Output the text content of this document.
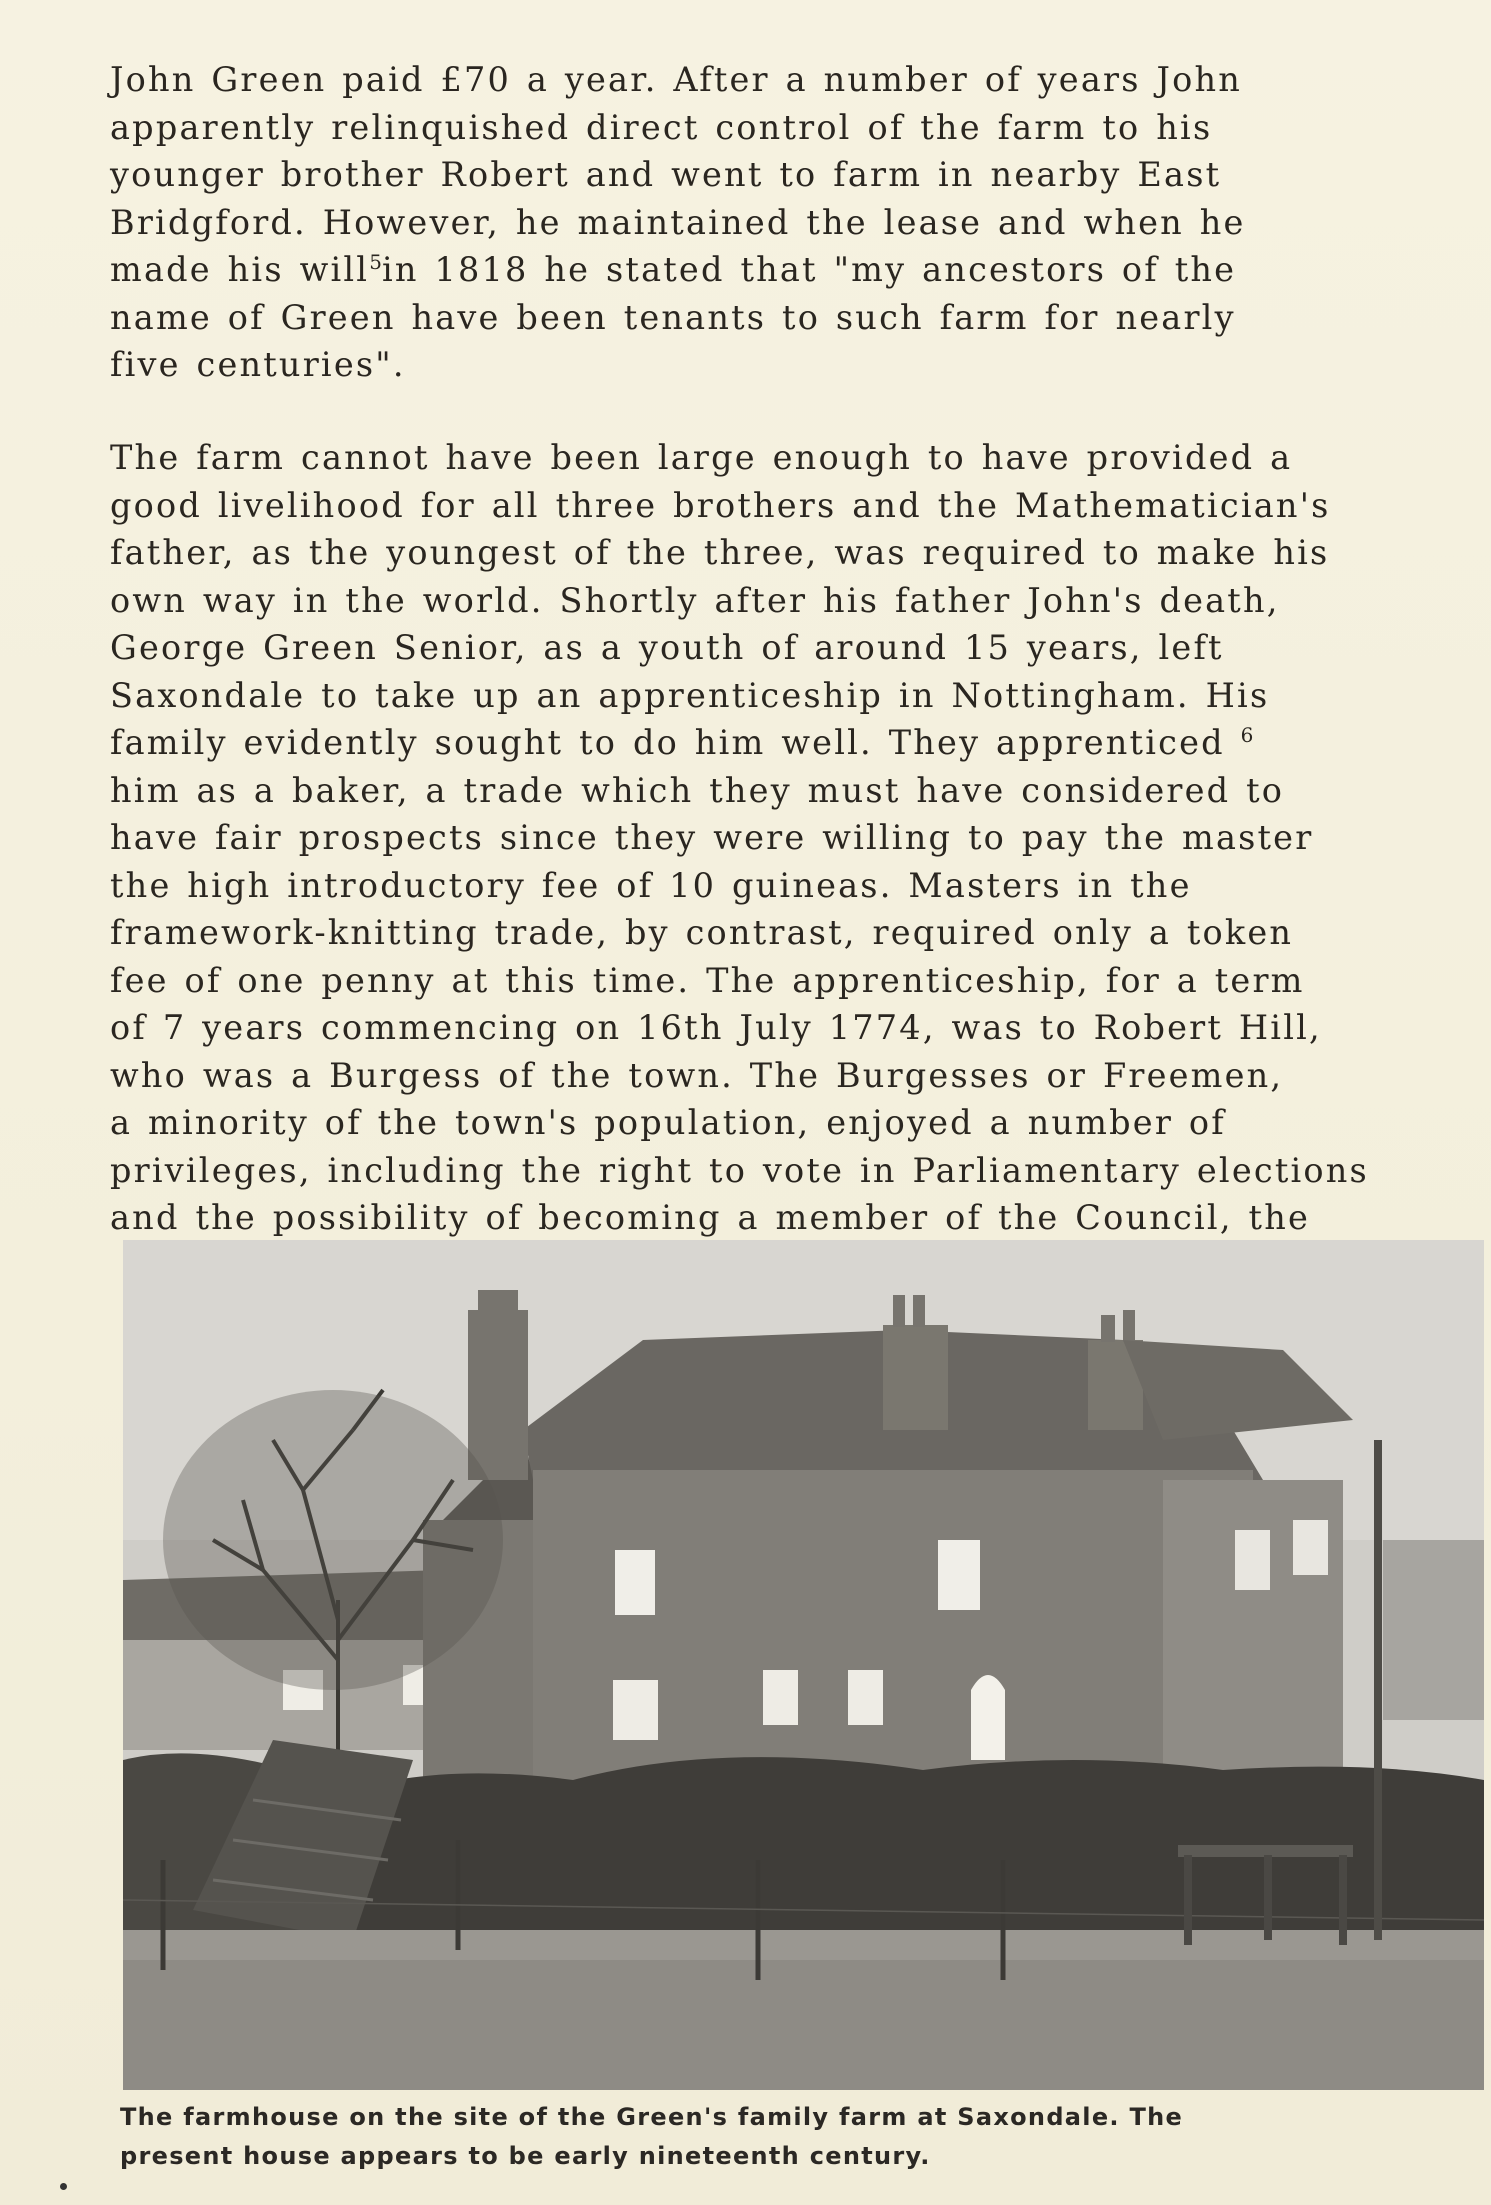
John Green paid £70 a year. After a number of years John
apparently relinquished direct control of the farm to his
younger brother Robert and went to farm in nearby East
Bridgford. However, he maintained the lease and when he
made his will$^5$in 1818 he stated that "my ancestors of the
name of Green have been tenants to such farm for nearly
five centuries".
The farm cannot have been large enough to have provided a
good livelihood for all three brothers and the Mathematician's
father, as the youngest of the three, was required to make his
own way in the world. Shortly after his father John's death,
George Green Senior, as a youth of around 15 years, left
Saxondale to take up an apprenticeship in Nottingham. His
family evidently sought to do him well. They apprenticed $^6$
him as a baker, a trade which they must have considered to
have fair prospects since they were willing to pay the master
the high introductory fee of 10 guineas. Masters in the
framework-knitting trade, by contrast, required only a token
fee of one penny at this time. The apprenticeship, for a term
of 7 years commencing on 16th July 1774, was to Robert Hill,
who was a Burgess of the town. The Burgesses or Freemen,
a minority of the town's population, enjoyed a number of
privileges, including the right to vote in Parliamentary elections
and the possibility of becoming a member of the Council, the
The farmhouse on the site of the Green's family farm at Saxondale. The
present house appears to be early nineteenth century.
